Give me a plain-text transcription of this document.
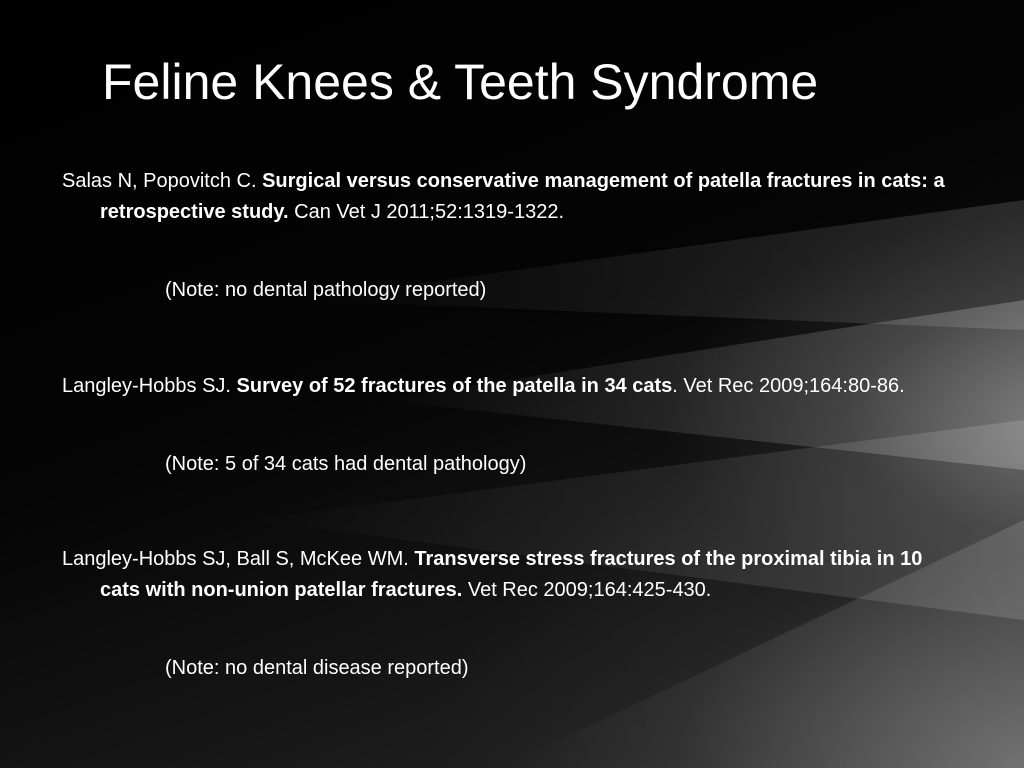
Feline Knees & Teeth Syndrome

Salas N, Popovitch C. Surgical versus conservative management of patella fractures in cats: a retrospective study. Can Vet J 2011;52:1319-1322.

(Note: no dental pathology reported)

Langley-Hobbs SJ. Survey of 52 fractures of the patella in 34 cats. Vet Rec 2009;164:80-86.

(Note: 5 of 34 cats had dental pathology)

Langley-Hobbs SJ, Ball S, McKee WM. Transverse stress fractures of the proximal tibia in 10 cats with non-union patellar fractures. Vet Rec 2009;164:425-430.

(Note: no dental disease reported)
